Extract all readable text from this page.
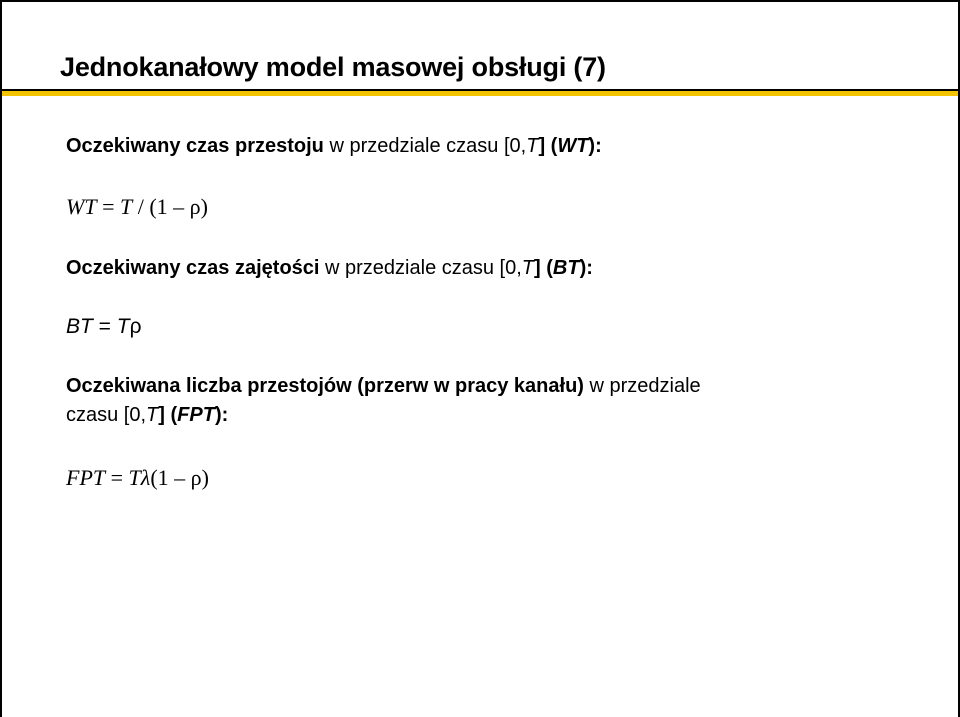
Jednokanałowy model masowej obsługi (7)
Oczekiwany czas przestoju w przedziale czasu [0,T] (WT):
WT = T / (1 – ρ)
Oczekiwany czas zajętości w przedziale czasu [0,T] (BT):
BT = Tρ
Oczekiwana liczba przestojów (przerw w pracy kanału) w przedziale
czasu [0,T] (FPT):
FPT = Tλ(1 – ρ)
